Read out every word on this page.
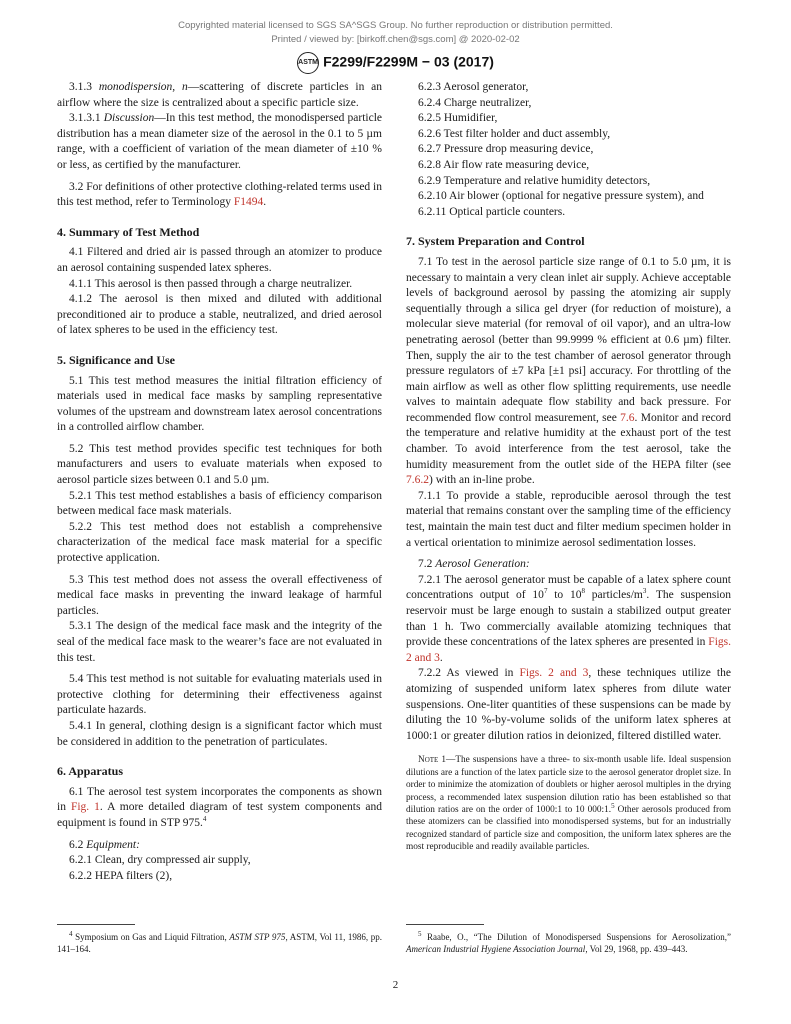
Copyrighted material licensed to SGS SA^SGS Group. No further reproduction or distribution permitted.
Printed / viewed by: [birkoff.chen@sgs.com] @ 2020-02-02
ASTM F2299/F2299M − 03 (2017)

3.1.3 monodispersion, n—scattering of discrete particles in an airflow where the size is centralized about a specific particle size.

3.1.3.1 Discussion—In this test method, the monodispersed particle distribution has a mean diameter size of the aerosol in the 0.1 to 5 µm range, with a coefficient of variation of the mean diameter of ±10 % or less, as certified by the manufacturer.

3.2 For definitions of other protective clothing-related terms used in this test method, refer to Terminology F1494.

4. Summary of Test Method

4.1 Filtered and dried air is passed through an atomizer to produce an aerosol containing suspended latex spheres.

4.1.1 This aerosol is then passed through a charge neutralizer.

4.1.2 The aerosol is then mixed and diluted with additional preconditioned air to produce a stable, neutralized, and dried aerosol of latex spheres to be used in the efficiency test.

5. Significance and Use

5.1 This test method measures the initial filtration efficiency of materials used in medical face masks by sampling representative volumes of the upstream and downstream latex aerosol concentrations in a controlled airflow chamber.

5.2 This test method provides specific test techniques for both manufacturers and users to evaluate materials when exposed to aerosol particle sizes between 0.1 and 5.0 µm.

5.2.1 This test method establishes a basis of efficiency comparison between medical face mask materials.

5.2.2 This test method does not establish a comprehensive characterization of the medical face mask material for a specific protective application.

5.3 This test method does not assess the overall effectiveness of medical face masks in preventing the inward leakage of harmful particles.

5.3.1 The design of the medical face mask and the integrity of the seal of the medical face mask to the wearer’s face are not evaluated in this test.

5.4 This test method is not suitable for evaluating materials used in protective clothing for determining their effectiveness against particulate hazards.

5.4.1 In general, clothing design is a significant factor which must be considered in addition to the penetration of particulates.

6. Apparatus

6.1 The aerosol test system incorporates the components as shown in Fig. 1. A more detailed diagram of test system components and equipment is found in STP 975.$^4$

6.2 Equipment:

6.2.1 Clean, dry compressed air supply,

6.2.2 HEPA filters (2),

6.2.3 Aerosol generator,

6.2.4 Charge neutralizer,

6.2.5 Humidifier,

6.2.6 Test filter holder and duct assembly,

6.2.7 Pressure drop measuring device,

6.2.8 Air flow rate measuring device,

6.2.9 Temperature and relative humidity detectors,

6.2.10 Air blower (optional for negative pressure system), and

6.2.11 Optical particle counters.

7. System Preparation and Control

7.1 To test in the aerosol particle size range of 0.1 to 5.0 µm, it is necessary to maintain a very clean inlet air supply. Achieve acceptable levels of background aerosol by passing the atomizing air supply sequentially through a silica gel dryer (for reduction of moisture), a molecular sieve material (for removal of oil vapor), and an ultra-low penetrating aerosol (better than 99.9999 % efficient at 0.6 µm) filter. Then, supply the air to the test chamber of aerosol generator through pressure regulators of ±7 kPa [±1 psi] accuracy. For throttling of the main airflow as well as other flow splitting requirements, use needle valves to maintain adequate flow stability and back pressure. For recommended flow control measurement, see 7.6. Monitor and record the temperature and relative humidity at the exhaust port of the test chamber. To avoid interference from the test aerosol, take the humidity measurement from the outlet side of the HEPA filter (see 7.6.2) with an in-line probe.

7.1.1 To provide a stable, reproducible aerosol through the test material that remains constant over the sampling time of the efficiency test, maintain the main test duct and filter medium specimen holder in a vertical orientation to minimize aerosol sedimentation losses.

7.2 Aerosol Generation:

7.2.1 The aerosol generator must be capable of a latex sphere count concentrations output of $10^7$ to $10^8$ particles/$m^3$. The suspension reservoir must be large enough to sustain a stabilized output greater than 1 h. Two commercially available atomizing techniques that provide these concentrations of the latex spheres are presented in Figs. 2 and 3.

7.2.2 As viewed in Figs. 2 and 3, these techniques utilize the atomizing of suspended uniform latex spheres from dilute water suspensions. One-liter quantities of these suspensions can be made by diluting the 10 %-by-volume solids of the uniform latex spheres at 1000:1 or greater dilution ratios in deionized, filtered distilled water.

Note 1—The suspensions have a three- to six-month usable life. Ideal suspension dilutions are a function of the latex particle size to the aerosol generator droplet size. In order to minimize the atomization of doublets or higher aerosol multiples in the drying process, a recommended latex suspension dilution ratio has been established so that dilution ratios are on the order of 1000:1 to 10 000:1.$^5$ Other aerosols produced from these atomizers can be classified into monodispersed systems, but for an industrially recognized standard of particle size and composition, the uniform latex spheres are the most reproducible and readily available particles.

$^4$ Symposium on Gas and Liquid Filtration, ASTM STP 975, ASTM, Vol 11, 1986, pp. 141–164.
$^5$ Raabe, O., “The Dilution of Monodispersed Suspensions for Aerosolization,” American Industrial Hygiene Association Journal, Vol 29, 1968, pp. 439–443.
2
